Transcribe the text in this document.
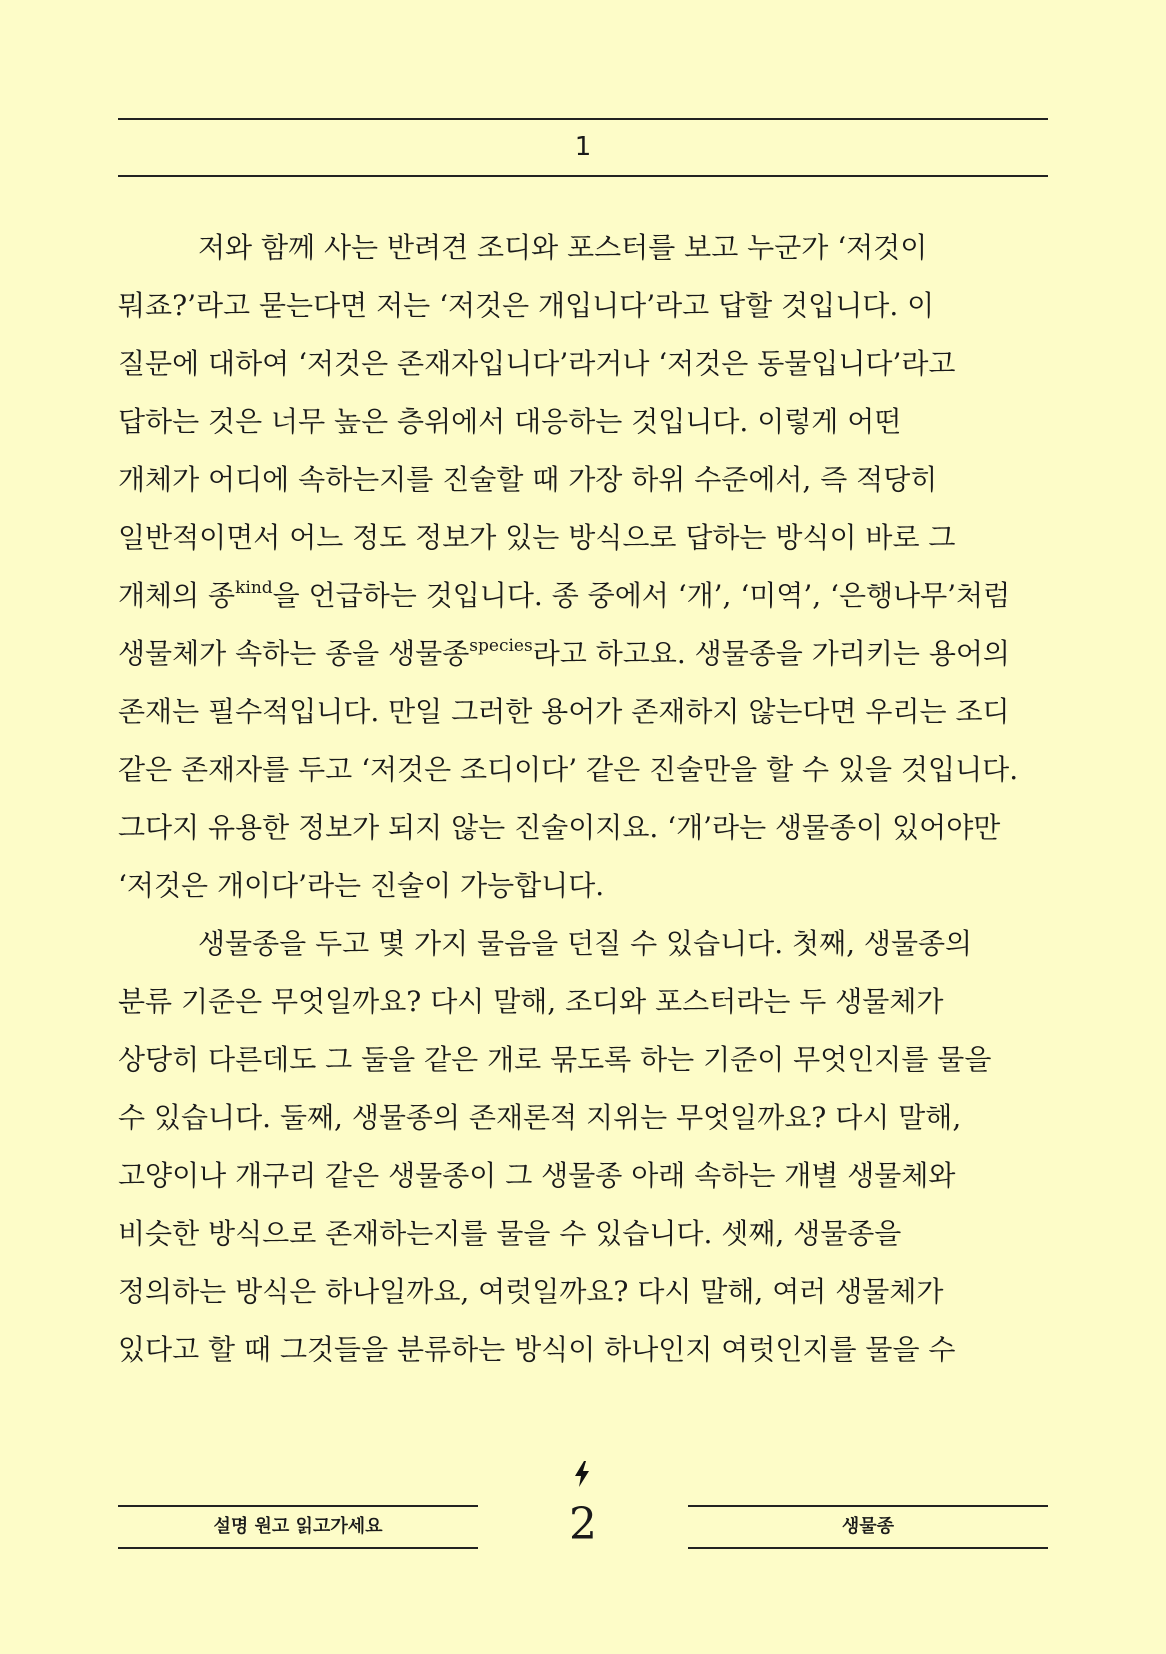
1
저와 함께 사는 반려견 조디와 포스터를 보고 누군가 ‘저것이
뭐죠?’라고 묻는다면 저는 ‘저것은 개입니다’라고 답할 것입니다. 이
질문에 대하여 ‘저것은 존재자입니다’라거나 ‘저것은 동물입니다’라고
답하는 것은 너무 높은 층위에서 대응하는 것입니다. 이렇게 어떤
개체가 어디에 속하는지를 진술할 때 가장 하위 수준에서, 즉 적당히
일반적이면서 어느 정도 정보가 있는 방식으로 답하는 방식이 바로 그
개체의 종$^{kind}$을 언급하는 것입니다. 종 중에서 ‘개’, ‘미역’, ‘은행나무’처럼
생물체가 속하는 종을 생물종$^{species}$라고 하고요. 생물종을 가리키는 용어의
존재는 필수적입니다. 만일 그러한 용어가 존재하지 않는다면 우리는 조디
같은 존재자를 두고 ‘저것은 조디이다’ 같은 진술만을 할 수 있을 것입니다.
그다지 유용한 정보가 되지 않는 진술이지요. ‘개’라는 생물종이 있어야만
‘저것은 개이다’라는 진술이 가능합니다.
생물종을 두고 몇 가지 물음을 던질 수 있습니다. 첫째, 생물종의
분류 기준은 무엇일까요? 다시 말해, 조디와 포스터라는 두 생물체가
상당히 다른데도 그 둘을 같은 개로 묶도록 하는 기준이 무엇인지를 물을
수 있습니다. 둘째, 생물종의 존재론적 지위는 무엇일까요? 다시 말해,
고양이나 개구리 같은 생물종이 그 생물종 아래 속하는 개별 생물체와
비슷한 방식으로 존재하는지를 물을 수 있습니다. 셋째, 생물종을
정의하는 방식은 하나일까요, 여럿일까요? 다시 말해, 여러 생물체가
있다고 할 때 그것들을 분류하는 방식이 하나인지 여럿인지를 물을 수
설명 원고 읽고가세요	2	생물종
